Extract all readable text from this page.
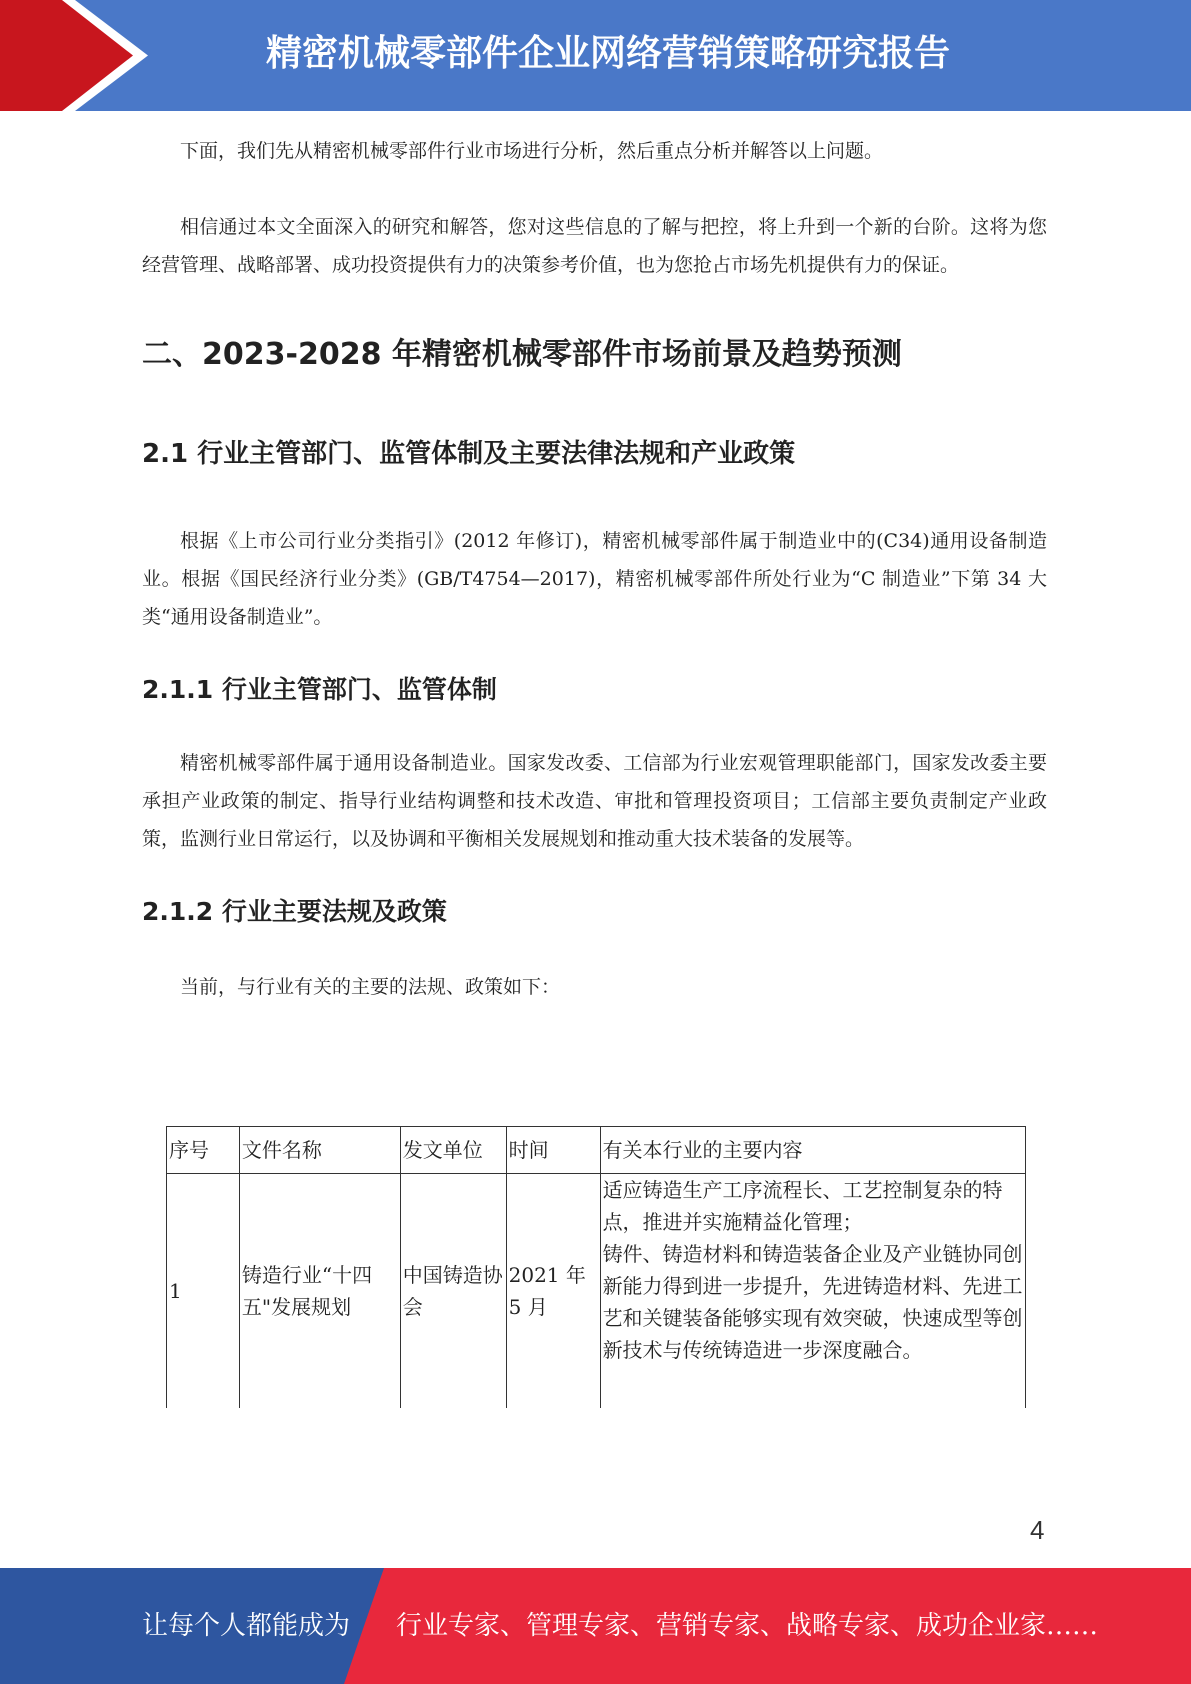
精密机械零部件企业网络营销策略研究报告

下面，我们先从精密机械零部件行业市场进行分析，然后重点分析并解答以上问题。

相信通过本文全面深入的研究和解答，您对这些信息的了解与把控，将上升到一个新的台阶。这将为您经营管理、战略部署、成功投资提供有力的决策参考价值，也为您抢占市场先机提供有力的保证。

二、2023-2028 年精密机械零部件市场前景及趋势预测
2.1 行业主管部门、监管体制及主要法律法规和产业政策

根据《上市公司行业分类指引》(2012 年修订)，精密机械零部件属于制造业中的(C34)通用设备制造业。根据《国民经济行业分类》(GB/T4754—2017)，精密机械零部件所处行业为“C 制造业”下第 34 大类“通用设备制造业”。

2.1.1 行业主管部门、监管体制

精密机械零部件属于通用设备制造业。国家发改委、工信部为行业宏观管理职能部门，国家发改委主要承担产业政策的制定、指导行业结构调整和技术改造、审批和管理投资项目；工信部主要负责制定产业政策，监测行业日常运行，以及协调和平衡相关发展规划和推动重大技术装备的发展等。

2.1.2 行业主要法规及政策

当前，与行业有关的主要的法规、政策如下：

序号	文件名称	发文单位	时间	有关本行业的主要内容
1	铸造行业“十四五"发展规划	中国铸造协会	2021 年 5 月	适应铸造生产工序流程长、工艺控制复杂的特点，推进并实施精益化管理；
铸件、铸造材料和铸造装备企业及产业链协同创新能力得到进一步提升，先进铸造材料、先进工艺和关键装备能够实现有效突破，快速成型等创新技术与传统铸造进一步深度融合。
4
让每个人都能成为 行业专家、管理专家、营销专家、战略专家、成功企业家……
